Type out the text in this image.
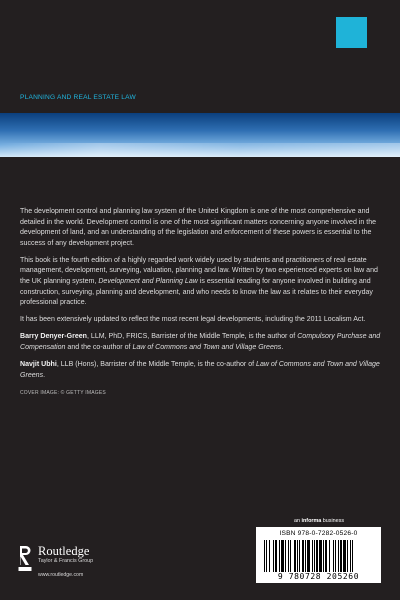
PLANNING AND REAL ESTATE LAW

The development control and planning law system of the United Kingdom is one of the most comprehensive and detailed in the world. Development control is one of the most significant matters concerning anyone involved in the development of land, and an understanding of the legislation and enforcement of these powers is essential to the success of any development project.

This book is the fourth edition of a highly regarded work widely used by students and practitioners of real estate management, development, surveying, valuation, planning and law. Written by two experienced experts on law and the UK planning system, Development and Planning Law is essential reading for anyone involved in building and construction, surveying, planning and development, and who needs to know the law as it relates to their everyday professional practice.

It has been extensively updated to reflect the most recent legal developments, including the 2011 Localism Act.

Barry Denyer-Green, LLM, PhD, FRICS, Barrister of the Middle Temple, is the author of Compulsory Purchase and Compensation and the co-author of Law of Commons and Town and Village Greens.

Navjit Ubhi, LLB (Hons), Barrister of the Middle Temple, is the co-author of Law of Commons and Town and Village Greens.

COVER IMAGE: © GETTY IMAGES
Routledge
Taylor & Francis Group
www.routledge.com
an informa business
ISBN 978-0-7282-0526-0
9 780728 205260
